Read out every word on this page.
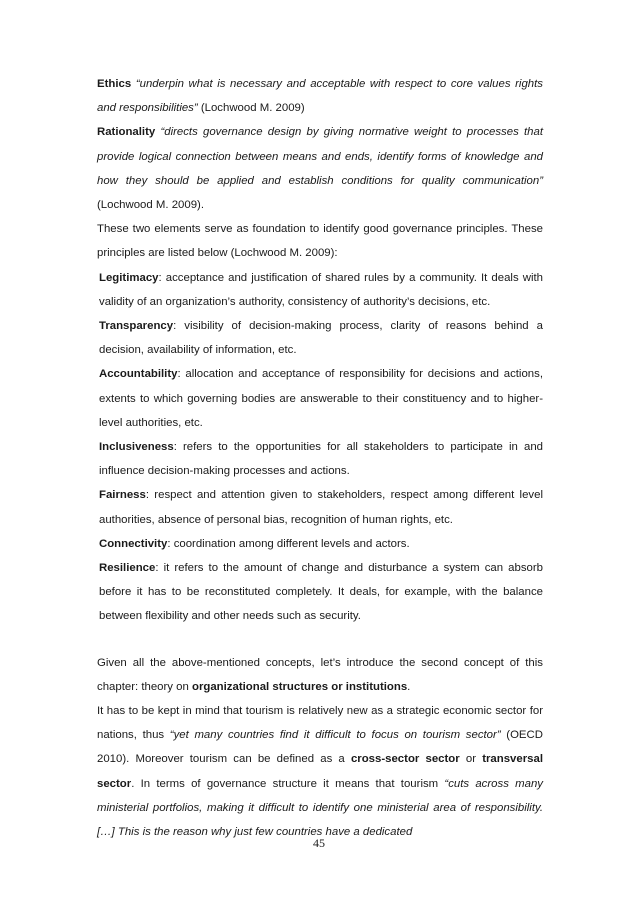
Ethics “underpin what is necessary and acceptable with respect to core values rights and responsibilities” (Lochwood M. 2009)

Rationality “directs governance design by giving normative weight to processes that provide logical connection between means and ends, identify forms of knowledge and how they should be applied and establish conditions for quality communication” (Lochwood M. 2009).

These two elements serve as foundation to identify good governance principles. These principles are listed below (Lochwood M. 2009):

Legitimacy: acceptance and justification of shared rules by a community. It deals with validity of an organization’s authority, consistency of authority’s decisions, etc.

Transparency: visibility of decision-making process, clarity of reasons behind a decision, availability of information, etc.

Accountability: allocation and acceptance of responsibility for decisions and actions, extents to which governing bodies are answerable to their constituency and to higher-level authorities, etc.

Inclusiveness: refers to the opportunities for all stakeholders to participate in and influence decision-making processes and actions.

Fairness: respect and attention given to stakeholders, respect among different level authorities, absence of personal bias, recognition of human rights, etc.

Connectivity: coordination among different levels and actors.

Resilience: it refers to the amount of change and disturbance a system can absorb before it has to be reconstituted completely. It deals, for example, with the balance between flexibility and other needs such as security.

Given all the above-mentioned concepts, let’s introduce the second concept of this chapter: theory on organizational structures or institutions.

It has to be kept in mind that tourism is relatively new as a strategic economic sector for nations, thus “yet many countries find it difficult to focus on tourism sector” (OECD 2010). Moreover tourism can be defined as a cross-sector sector or transversal sector. In terms of governance structure it means that tourism “cuts across many ministerial portfolios, making it difficult to identify one ministerial area of responsibility. […] This is the reason why just few countries have a dedicated

45
